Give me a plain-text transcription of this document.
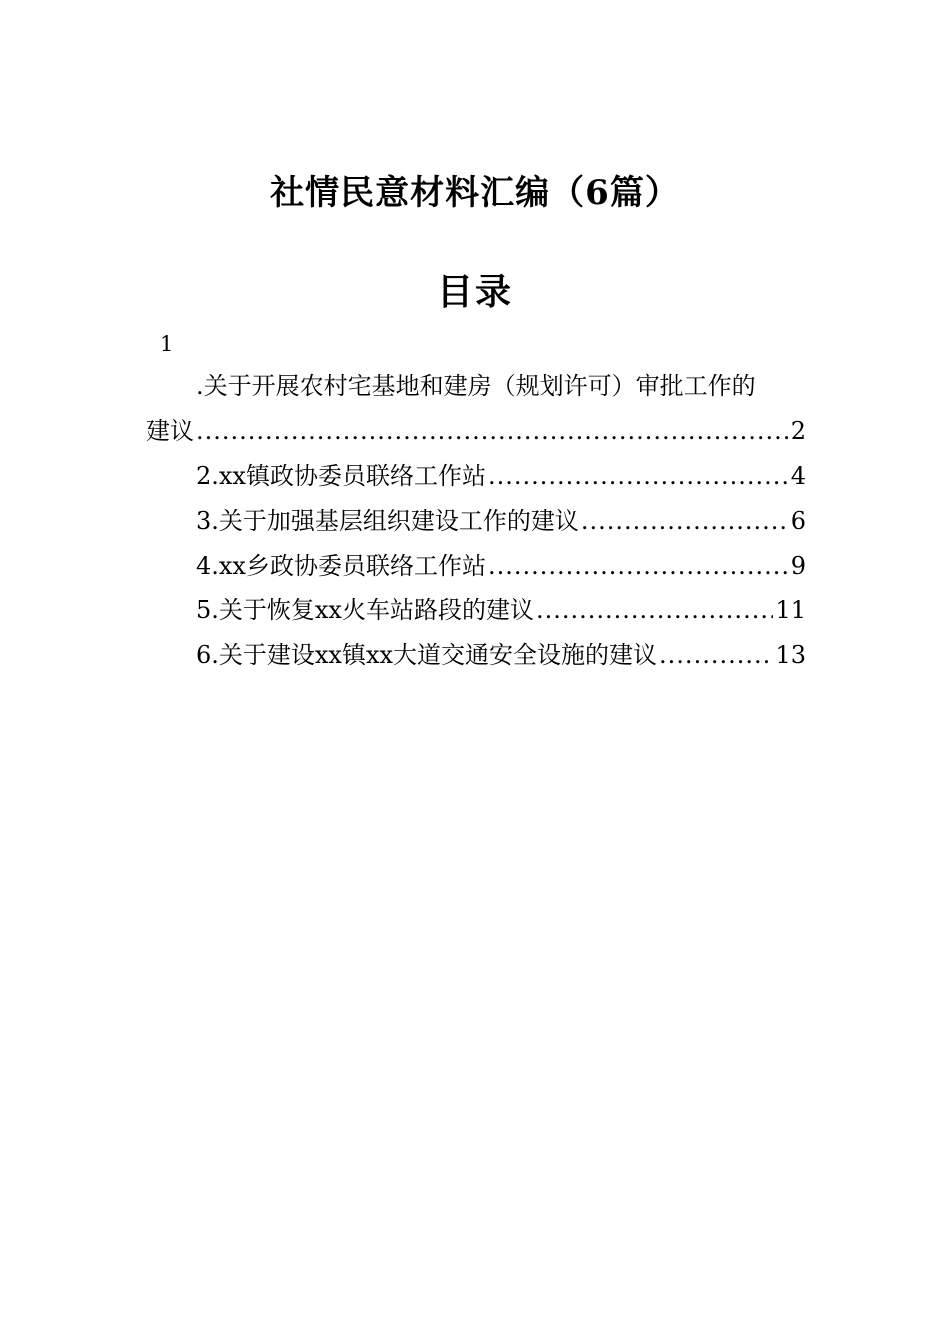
社情民意材料汇编（6篇）
目录
1
.关于开展农村宅基地和建房（规划许可）审批工作的
建议 .....	2
2.xx镇政协委员联络工作站 .....	4
3.关于加强基层组织建设工作的建议 .....	6
4.xx乡政协委员联络工作站 .....	9
5.关于恢复xx火车站路段的建议 .....	11
6.关于建设xx镇xx大道交通安全设施的建议 .....	13
